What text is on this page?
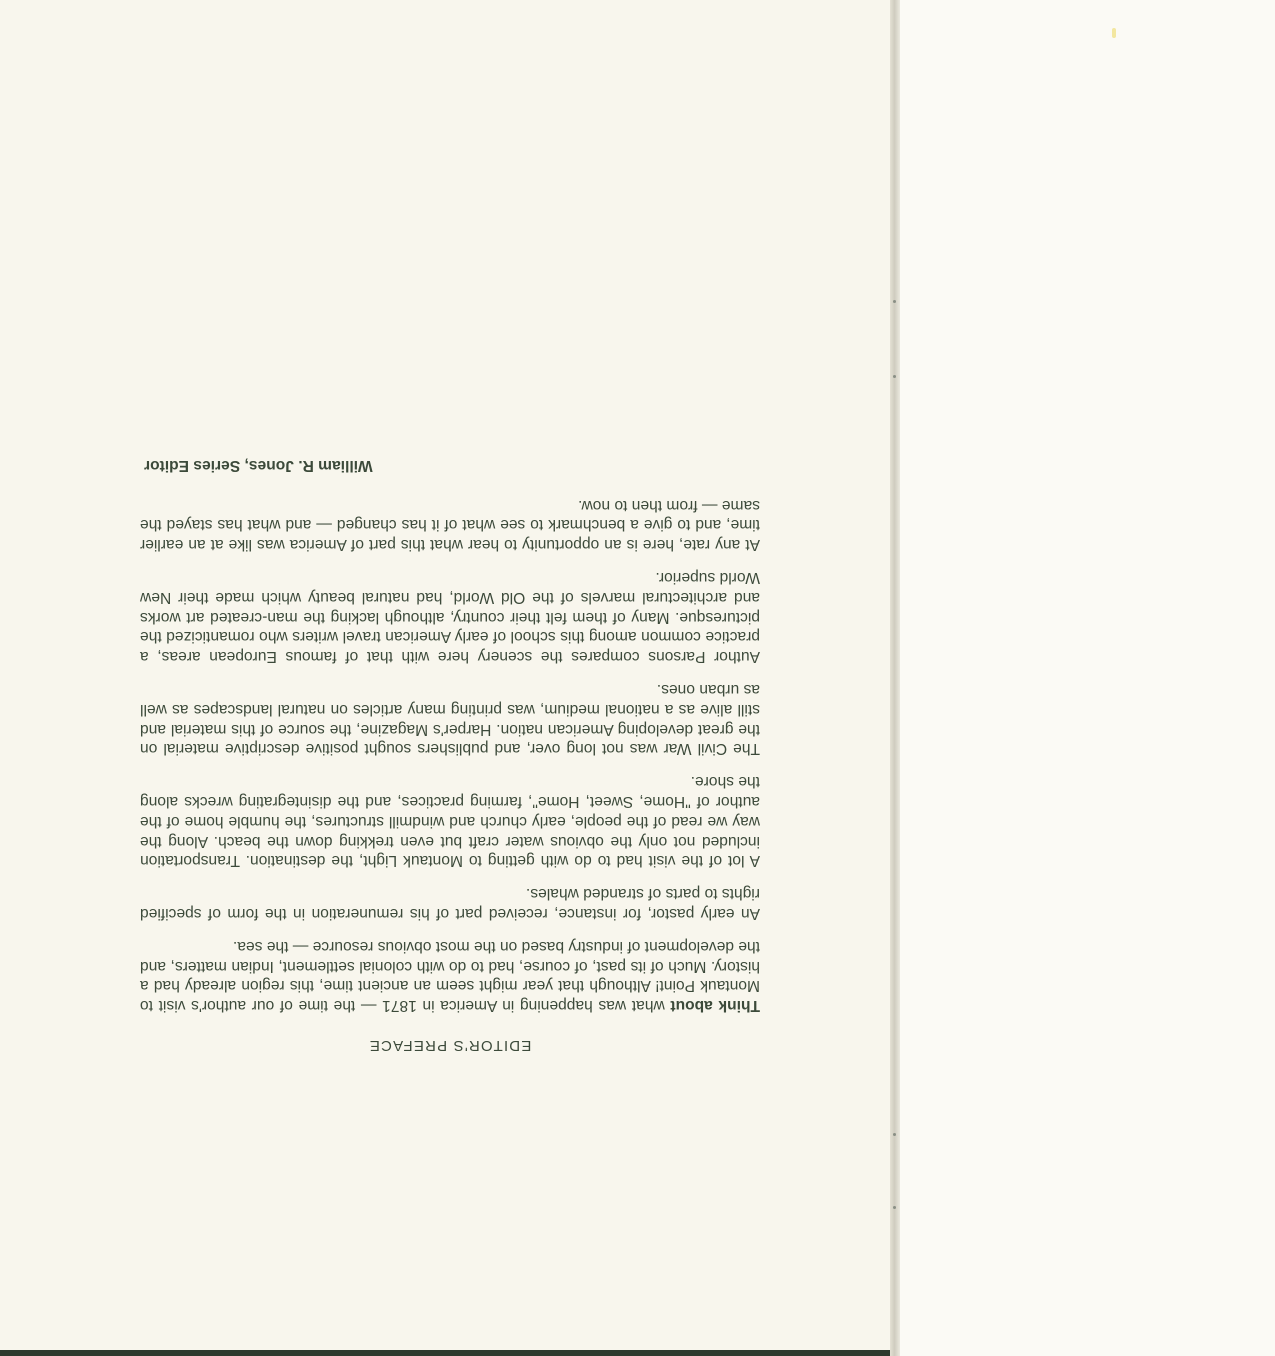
EDITOR'S PREFACE

Think about what was happening in America in 1871 — the time of our author's visit to Montauk Point! Although that year might seem an ancient time, this region already had a history. Much of its past, of course, had to do with colonial settlement, Indian matters, and the development of industry based on the most obvious resource — the sea.

An early pastor, for instance, received part of his remuneration in the form of specified rights to parts of stranded whales.

A lot of the visit had to do with getting to Montauk Light, the destination. Transportation included not only the obvious water craft but even trekking down the beach. Along the way we read of the people, early church and windmill structures, the humble home of the author of "Home, Sweet, Home", farming practices, and the disintegrating wrecks along the shore.

The Civil War was not long over, and publishers sought positive descriptive material on the great developing American nation. Harper's Magazine, the source of this material and still alive as a national medium, was printing many articles on natural landscapes as well as urban ones.

Author Parsons compares the scenery here with that of famous European areas, a practice common among this school of early American travel writers who romanticized the picturesque. Many of them felt their country, although lacking the man-created art works and architectural marvels of the Old World, had natural beauty which made their New World superior.

At any rate, here is an opportunity to hear what this part of America was like at an earlier time, and to give a benchmark to see what of it has changed — and what has stayed the same — from then to now.

William R. Jones, Series Editor
